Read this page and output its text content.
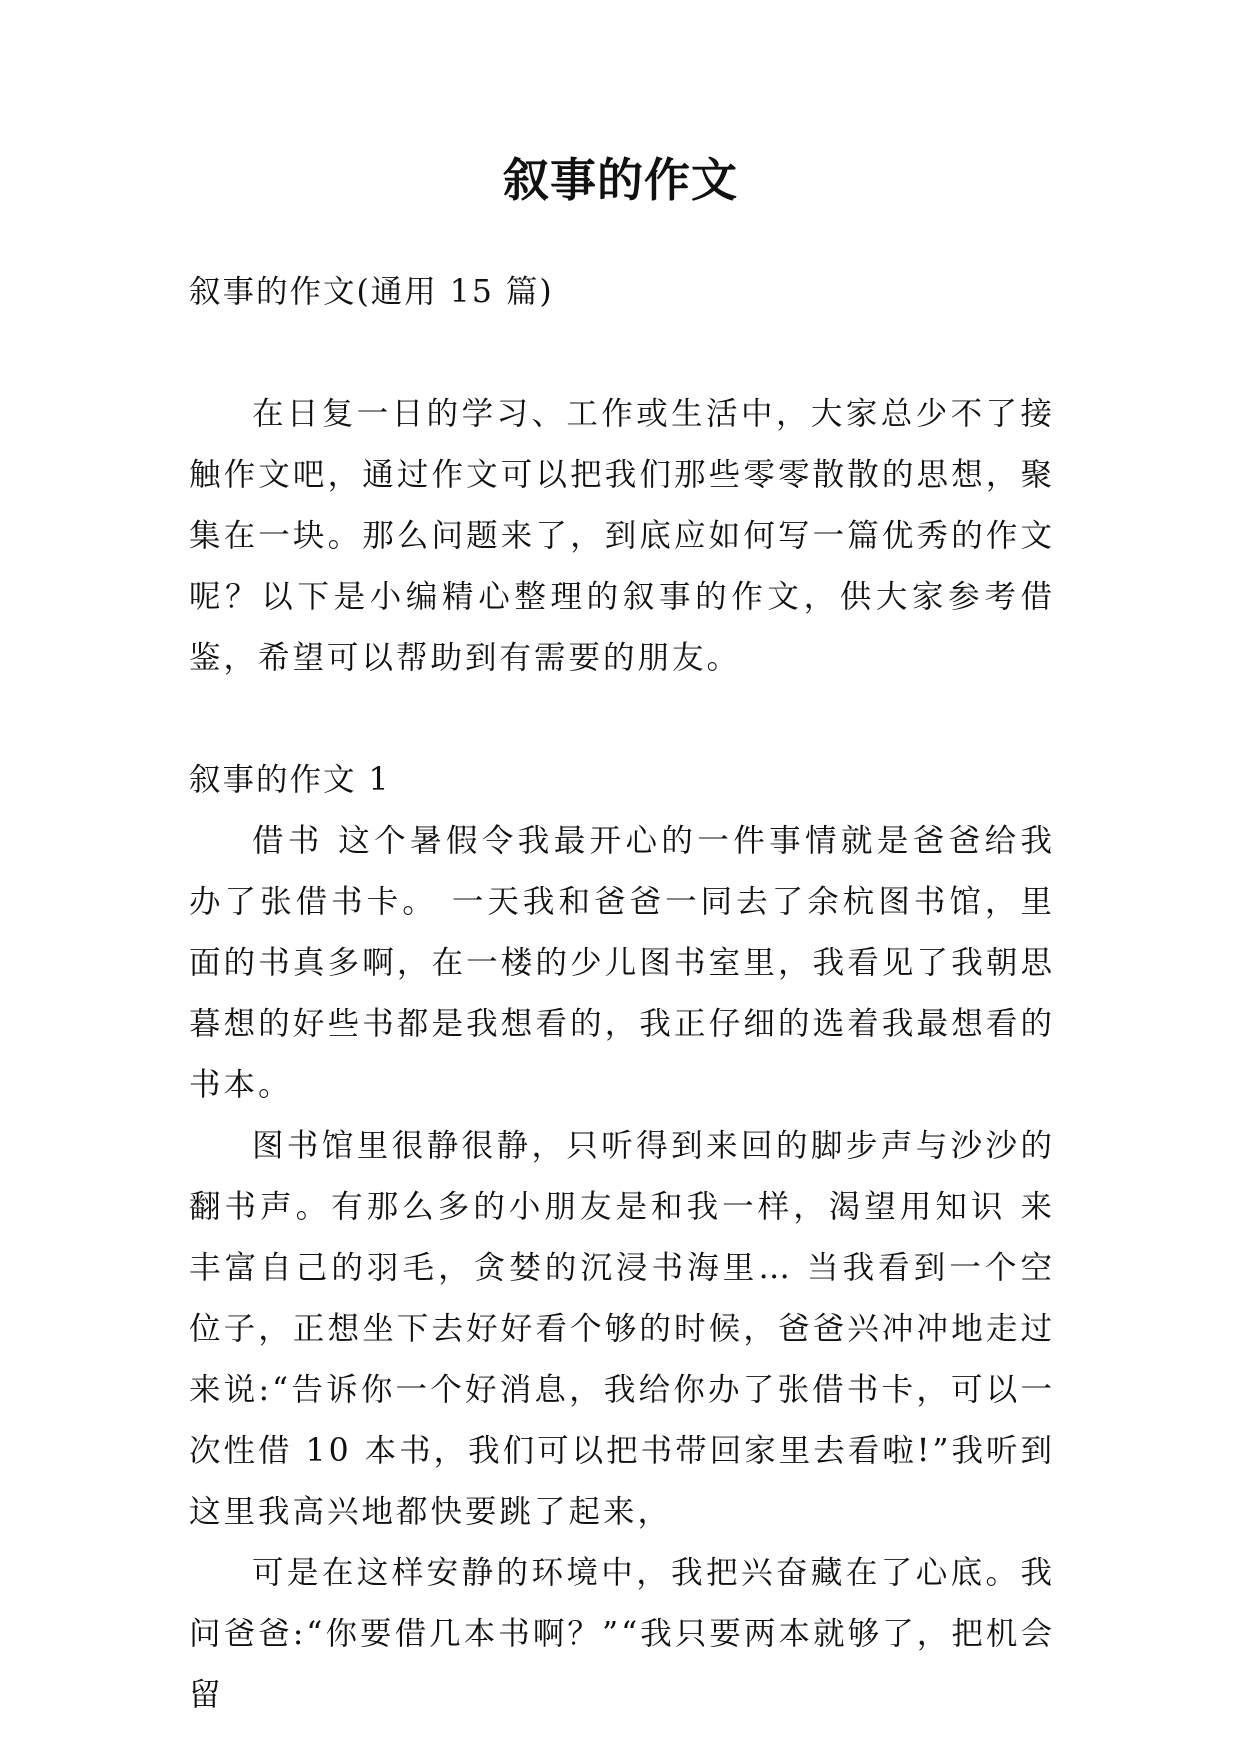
叙事的作文

叙事的作文(通用 15 篇)

在日复一日的学习、工作或生活中，大家总少不了接触作文吧，通过作文可以把我们那些零零散散的思想，聚集在一块。那么问题来了，到底应如何写一篇优秀的作文呢？以下是小编精心整理的叙事的作文，供大家参考借鉴，希望可以帮助到有需要的朋友。

叙事的作文 1

借书 这个暑假令我最开心的一件事情就是爸爸给我办了张借书卡。 一天我和爸爸一同去了余杭图书馆，里面的书真多啊，在一楼的少儿图书室里，我看见了我朝思暮想的好些书都是我想看的，我正仔细的选着我最想看的书本。

图书馆里很静很静，只听得到来回的脚步声与沙沙的翻书声。有那么多的小朋友是和我一样，渴望用知识 来丰富自己的羽毛，贪婪的沉浸书海里… 当我看到一个空位子，正想坐下去好好看个够的时候，爸爸兴冲冲地走过来说:“告诉你一个好消息，我给你办了张借书卡，可以一次性借 10 本书，我们可以把书带回家里去看啦!”我听到这里我高兴地都快要跳了起来，

可是在这样安静的环境中，我把兴奋藏在了心底。我问爸爸:“你要借几本书啊？”“我只要两本就够了，把机会留
